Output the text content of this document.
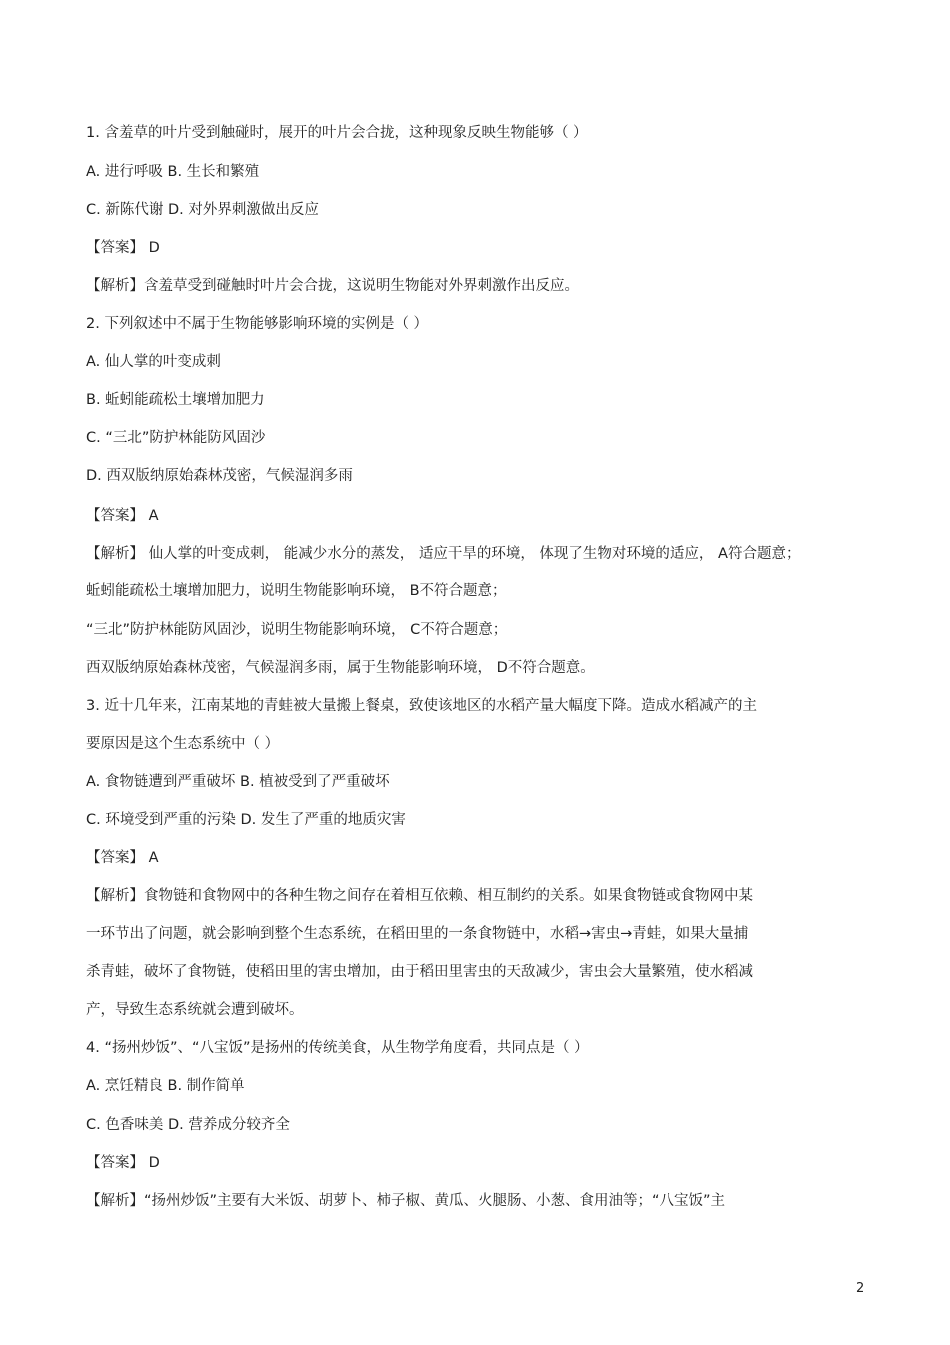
1. 含羞草的叶片受到触碰时，展开的叶片会合拢，这种现象反映生物能够（ ）
A. 进行呼吸 B. 生长和繁殖
C. 新陈代谢 D. 对外界刺激做出反应
【答案】 D
【解析】含羞草受到碰触时叶片会合拢，这说明生物能对外界刺激作出反应。
2. 下列叙述中不属于生物能够影响环境的实例是（ ）
A. 仙人掌的叶变成刺
B. 蚯蚓能疏松土壤增加肥力
C. “三北”防护林能防风固沙
D. 西双版纳原始森林茂密，气候湿润多雨
【答案】 A
【解析】 仙人掌的叶变成刺， 能减少水分的蒸发， 适应干旱的环境， 体现了生物对环境的适应， A符合题意；
蚯蚓能疏松土壤增加肥力，说明生物能影响环境， B不符合题意；
“三北”防护林能防风固沙，说明生物能影响环境， C不符合题意；
西双版纳原始森林茂密，气候湿润多雨，属于生物能影响环境， D不符合题意。
3. 近十几年来，江南某地的青蛙被大量搬上餐桌，致使该地区的水稻产量大幅度下降。造成水稻减产的主
要原因是这个生态系统中（ ）
A. 食物链遭到严重破坏 B. 植被受到了严重破坏
C. 环境受到严重的污染 D. 发生了严重的地质灾害
【答案】 A
【解析】食物链和食物网中的各种生物之间存在着相互依赖、相互制约的关系。如果食物链或食物网中某
一环节出了问题，就会影响到整个生态系统，在稻田里的一条食物链中，水稻→害虫→青蛙，如果大量捕
杀青蛙，破坏了食物链，使稻田里的害虫增加，由于稻田里害虫的天敌减少，害虫会大量繁殖，使水稻减
产，导致生态系统就会遭到破坏。
4. “扬州炒饭”、“八宝饭”是扬州的传统美食，从生物学角度看，共同点是（ ）
A. 烹饪精良 B. 制作简单
C. 色香味美 D. 营养成分较齐全
【答案】 D
【解析】“扬州炒饭”主要有大米饭、胡萝卜、柿子椒、黄瓜、火腿肠、小葱、食用油等；“八宝饭”主
2
